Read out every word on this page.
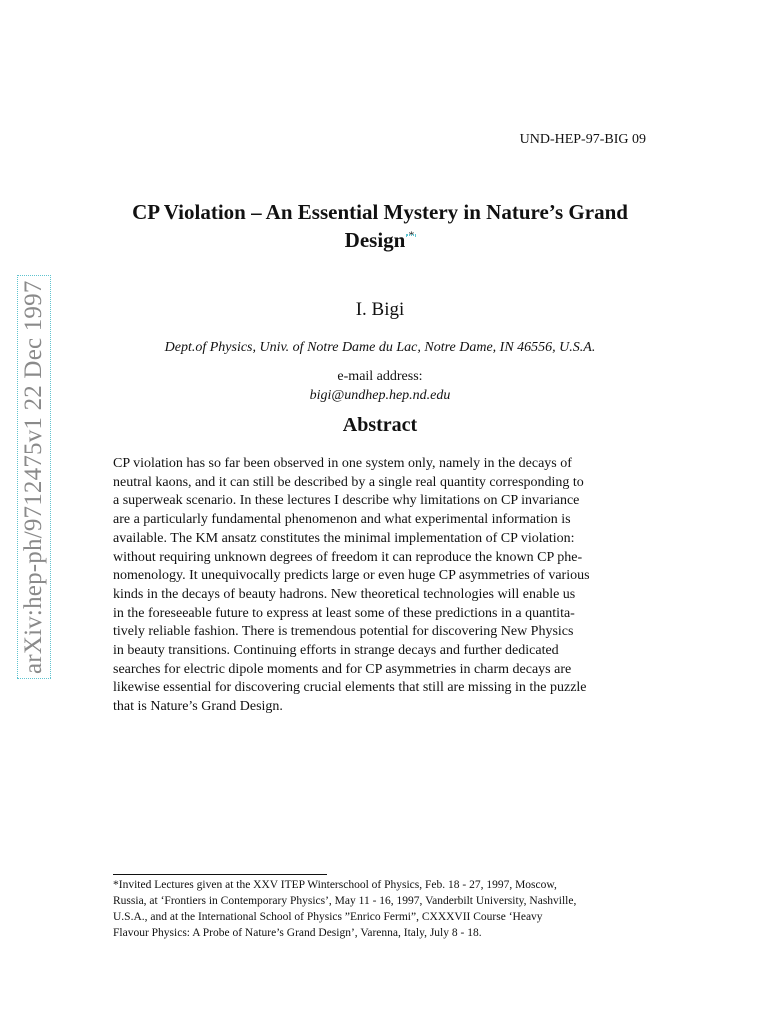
arXiv:hep-ph/9712475v1 22 Dec 1997
UND-HEP-97-BIG 09
CP Violation – An Essential Mystery in Nature’s Grand Design *
I. Bigi
Dept.of Physics, Univ. of Notre Dame du Lac, Notre Dame, IN 46556, U.S.A.
e-mail address:
bigi@undhep.hep.nd.edu
Abstract
CP violation has so far been observed in one system only, namely in the decays of
neutral kaons, and it can still be described by a single real quantity corresponding to
a superweak scenario. In these lectures I describe why limitations on CP invariance
are a particularly fundamental phenomenon and what experimental information is
available. The KM ansatz constitutes the minimal implementation of CP violation:
without requiring unknown degrees of freedom it can reproduce the known CP phe-
nomenology. It unequivocally predicts large or even huge CP asymmetries of various
kinds in the decays of beauty hadrons. New theoretical technologies will enable us
in the foreseeable future to express at least some of these predictions in a quantita-
tively reliable fashion. There is tremendous potential for discovering New Physics
in beauty transitions. Continuing efforts in strange decays and further dedicated
searches for electric dipole moments and for CP asymmetries in charm decays are
likewise essential for discovering crucial elements that still are missing in the puzzle
that is Nature’s Grand Design.
*Invited Lectures given at the XXV ITEP Winterschool of Physics, Feb. 18 - 27, 1997, Moscow,
Russia, at ‘Frontiers in Contemporary Physics’, May 11 - 16, 1997, Vanderbilt University, Nashville,
U.S.A., and at the International School of Physics ”Enrico Fermi”, CXXXVII Course ‘Heavy
Flavour Physics: A Probe of Nature’s Grand Design’, Varenna, Italy, July 8 - 18.
